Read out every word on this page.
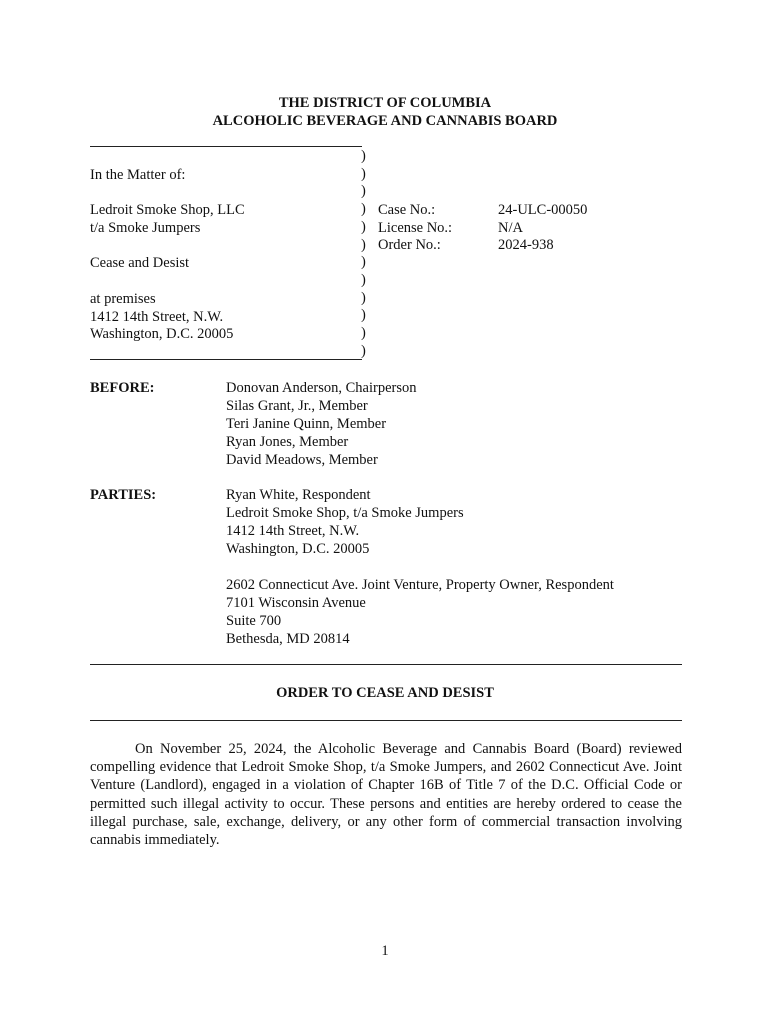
THE DISTRICT OF COLUMBIA
ALCOHOLIC BEVERAGE AND CANNABIS BOARD
)
)
)
)
)
)
)
)
)
)
)
)
In the Matter of:
Ledroit Smoke Shop, LLC
t/a Smoke Jumpers
Cease and Desist
at premises
1412 14th Street, N.W.
Washington, D.C. 20005
Case No.:	24-ULC-00050
License No.:	N/A
Order No.:	2024-938
BEFORE:	Donovan Anderson, Chairperson
Silas Grant, Jr., Member
Teri Janine Quinn, Member
Ryan Jones, Member
David Meadows, Member
PARTIES:	Ryan White, Respondent
Ledroit Smoke Shop, t/a Smoke Jumpers
1412 14th Street, N.W.
Washington, D.C. 20005
2602 Connecticut Ave. Joint Venture, Property Owner, Respondent
7101 Wisconsin Avenue
Suite 700
Bethesda, MD 20814
ORDER TO CEASE AND DESIST
On November 25, 2024, the Alcoholic Beverage and Cannabis Board (Board) reviewed compelling evidence that Ledroit Smoke Shop, t/a Smoke Jumpers, and 2602 Connecticut Ave. Joint Venture (Landlord), engaged in a violation of Chapter 16B of Title 7 of the D.C. Official Code or permitted such illegal activity to occur. These persons and entities are hereby ordered to cease the illegal purchase, sale, exchange, delivery, or any other form of commercial transaction involving cannabis immediately.
1
